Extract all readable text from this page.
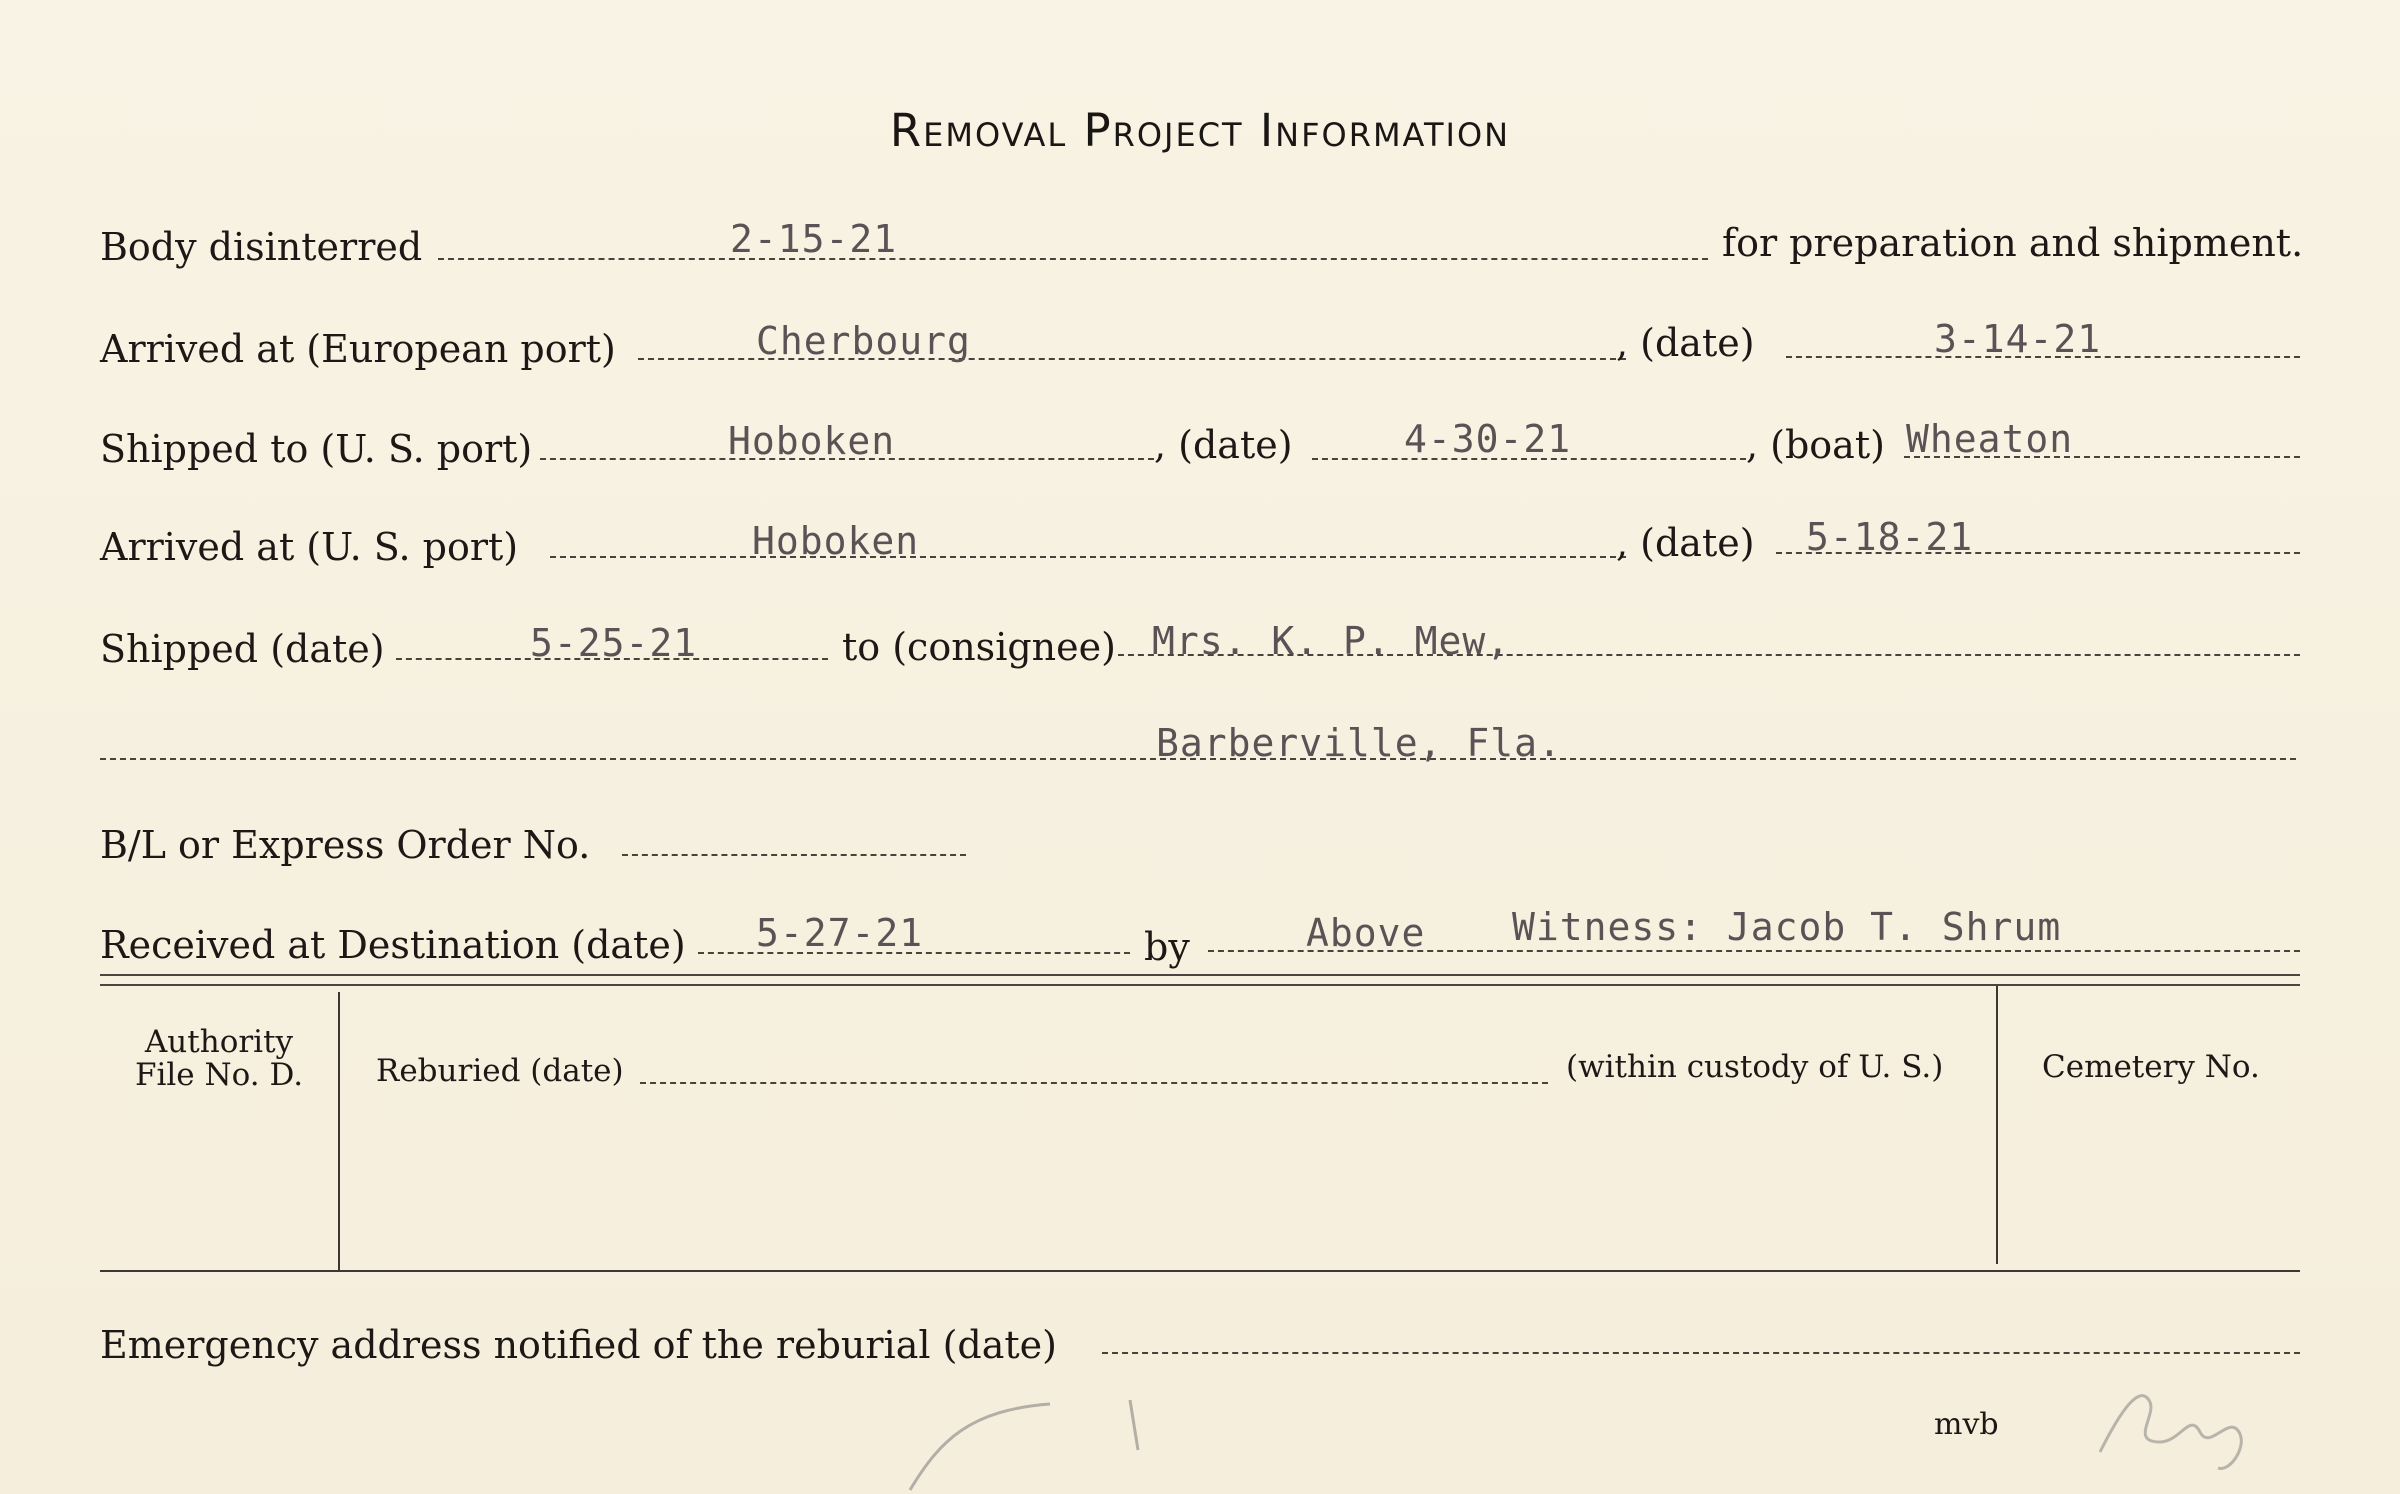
Removal Project Information
Body disinterred	2-15-21	for preparation and shipment.
Arrived at (European port)	Cherbourg	, (date)	3-14-21
Shipped to (U. S. port)	Hoboken	, (date)	4-30-21	, (boat) Wheaton
Arrived at (U. S. port)	Hoboken	, (date) 5-18-21
Shipped (date)	5-25-21	to (consignee) Mrs. K. P. Mew,
Barberville, Fla.
B/L or Express Order No.
Received at Destination (date) 5-27-21	by	Above Witness: Jacob T. Shrum
Authority
File No. D.	Reburied (date)	(within custody of U. S.)	Cemetery No.
Emergency address notified of the reburial (date)
mvb
